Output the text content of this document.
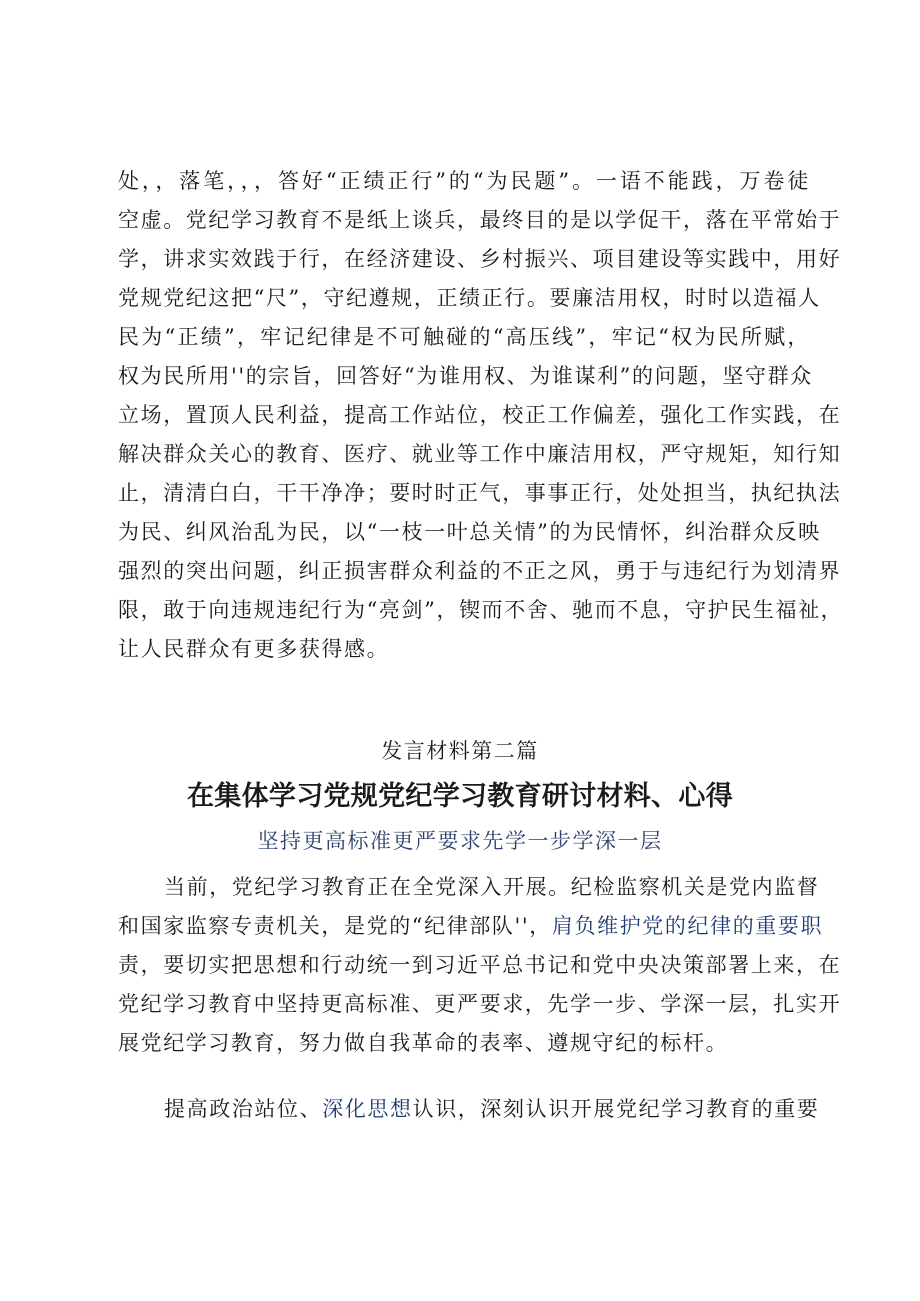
处，，落笔，，，答好“正绩正行”的“为民题”。一语不能践，万卷徒
空虚。党纪学习教育不是纸上谈兵，最终目的是以学促干，落在平常始于
学，讲求实效践于行，在经济建设、乡村振兴、项目建设等实践中，用好
党规党纪这把“尺”，守纪遵规，正绩正行。要廉洁用权，时时以造福人
民为“正绩”，牢记纪律是不可触碰的“高压线”，牢记“权为民所赋，
权为民所用''的宗旨，回答好“为谁用权、为谁谋利”的问题，坚守群众
立场，置顶人民利益，提高工作站位，校正工作偏差，强化工作实践，在
解决群众关心的教育、医疗、就业等工作中廉洁用权，严守规矩，知行知
止，清清白白，干干净净；要时时正气，事事正行，处处担当，执纪执法
为民、纠风治乱为民，以“一枝一叶总关情”的为民情怀，纠治群众反映
强烈的突出问题，纠正损害群众利益的不正之风，勇于与违纪行为划清界
限，敢于向违规违纪行为“亮剑”，锲而不舍、驰而不息，守护民生福祉，
让人民群众有更多获得感。
发言材料第二篇
在集体学习党规党纪学习教育研讨材料、心得
坚持更高标准更严要求先学一步学深一层
当前，党纪学习教育正在全党深入开展。纪检监察机关是党内监督
和国家监察专责机关，是党的“纪律部队''，肩负维护党的纪律的重要职
责，要切实把思想和行动统一到习近平总书记和党中央决策部署上来，在
党纪学习教育中坚持更高标准、更严要求，先学一步、学深一层，扎实开
展党纪学习教育，努力做自我革命的表率、遵规守纪的标杆。
提高政治站位、深化思想认识，深刻认识开展党纪学习教育的重要
